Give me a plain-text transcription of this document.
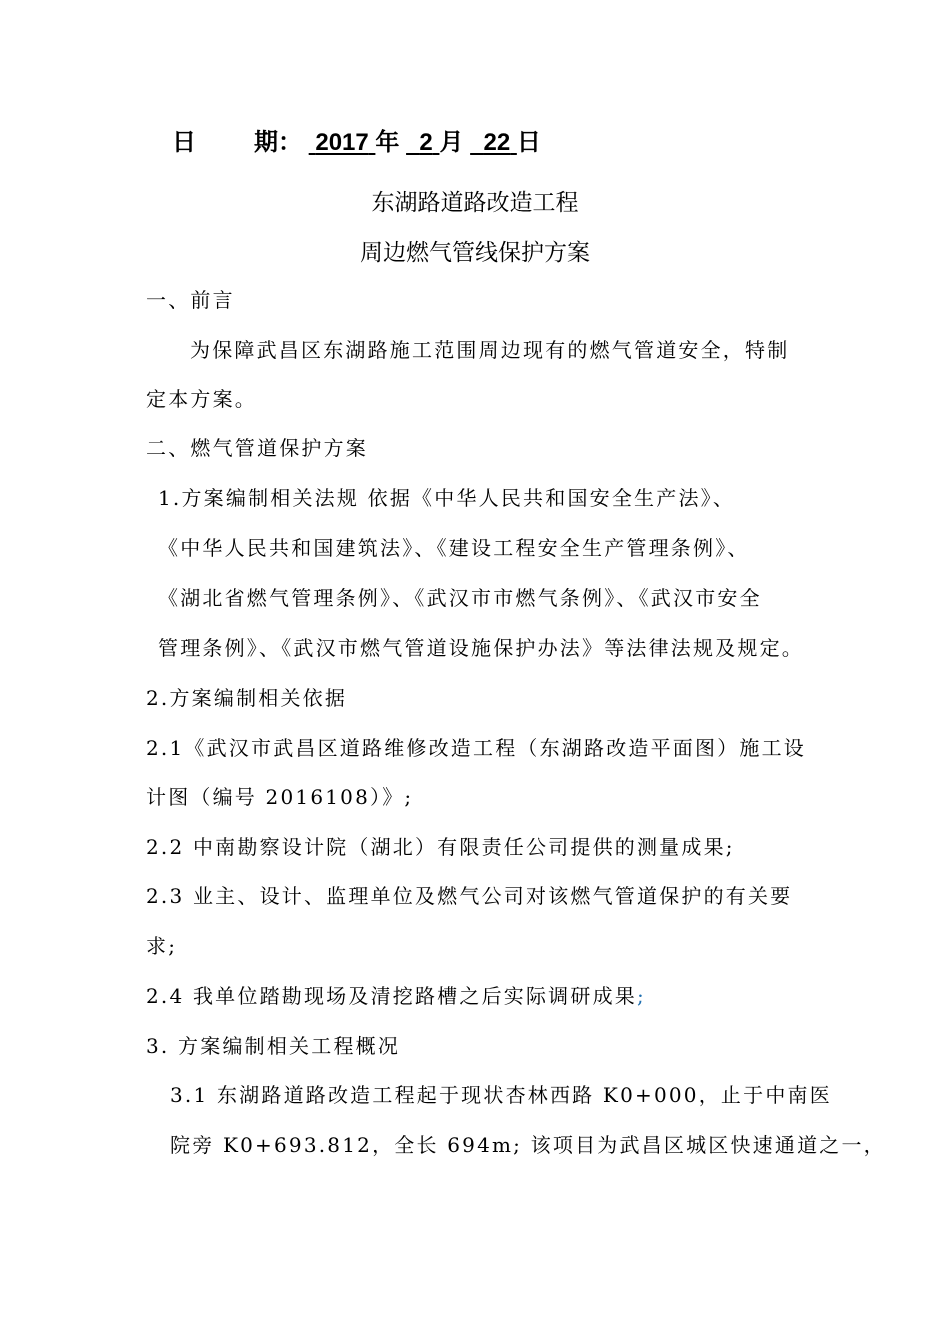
日 期： 2017 年 2 月 22 日
东湖路道路改造工程
周边燃气管线保护方案
一、前言
为保障武昌区东湖路施工范围周边现有的燃气管道安全，特制
定本方案。
二、燃气管道保护方案
1.方案编制相关法规 依据《中华人民共和国安全生产法》、
《中华人民共和国建筑法》、《建设工程安全生产管理条例》、
《湖北省燃气管理条例》、《武汉市市燃气条例》、《武汉市安全
管理条例》、《武汉市燃气管道设施保护办法》等法律法规及规定。
2.方案编制相关依据
2.1《武汉市武昌区道路维修改造工程（东湖路改造平面图）施工设
计图（编号 2016108）》;
2.2 中南勘察设计院（湖北）有限责任公司提供的测量成果;
2.3 业主、设计、监理单位及燃气公司对该燃气管道保护的有关要
求;
2.4 我单位踏勘现场及清挖路槽之后实际调研成果;
3. 方案编制相关工程概况
3.1 东湖路道路改造工程起于现状杏林西路 K0+000，止于中南医
院旁 K0+693.812，全长 694m; 该项目为武昌区城区快速通道之一，
